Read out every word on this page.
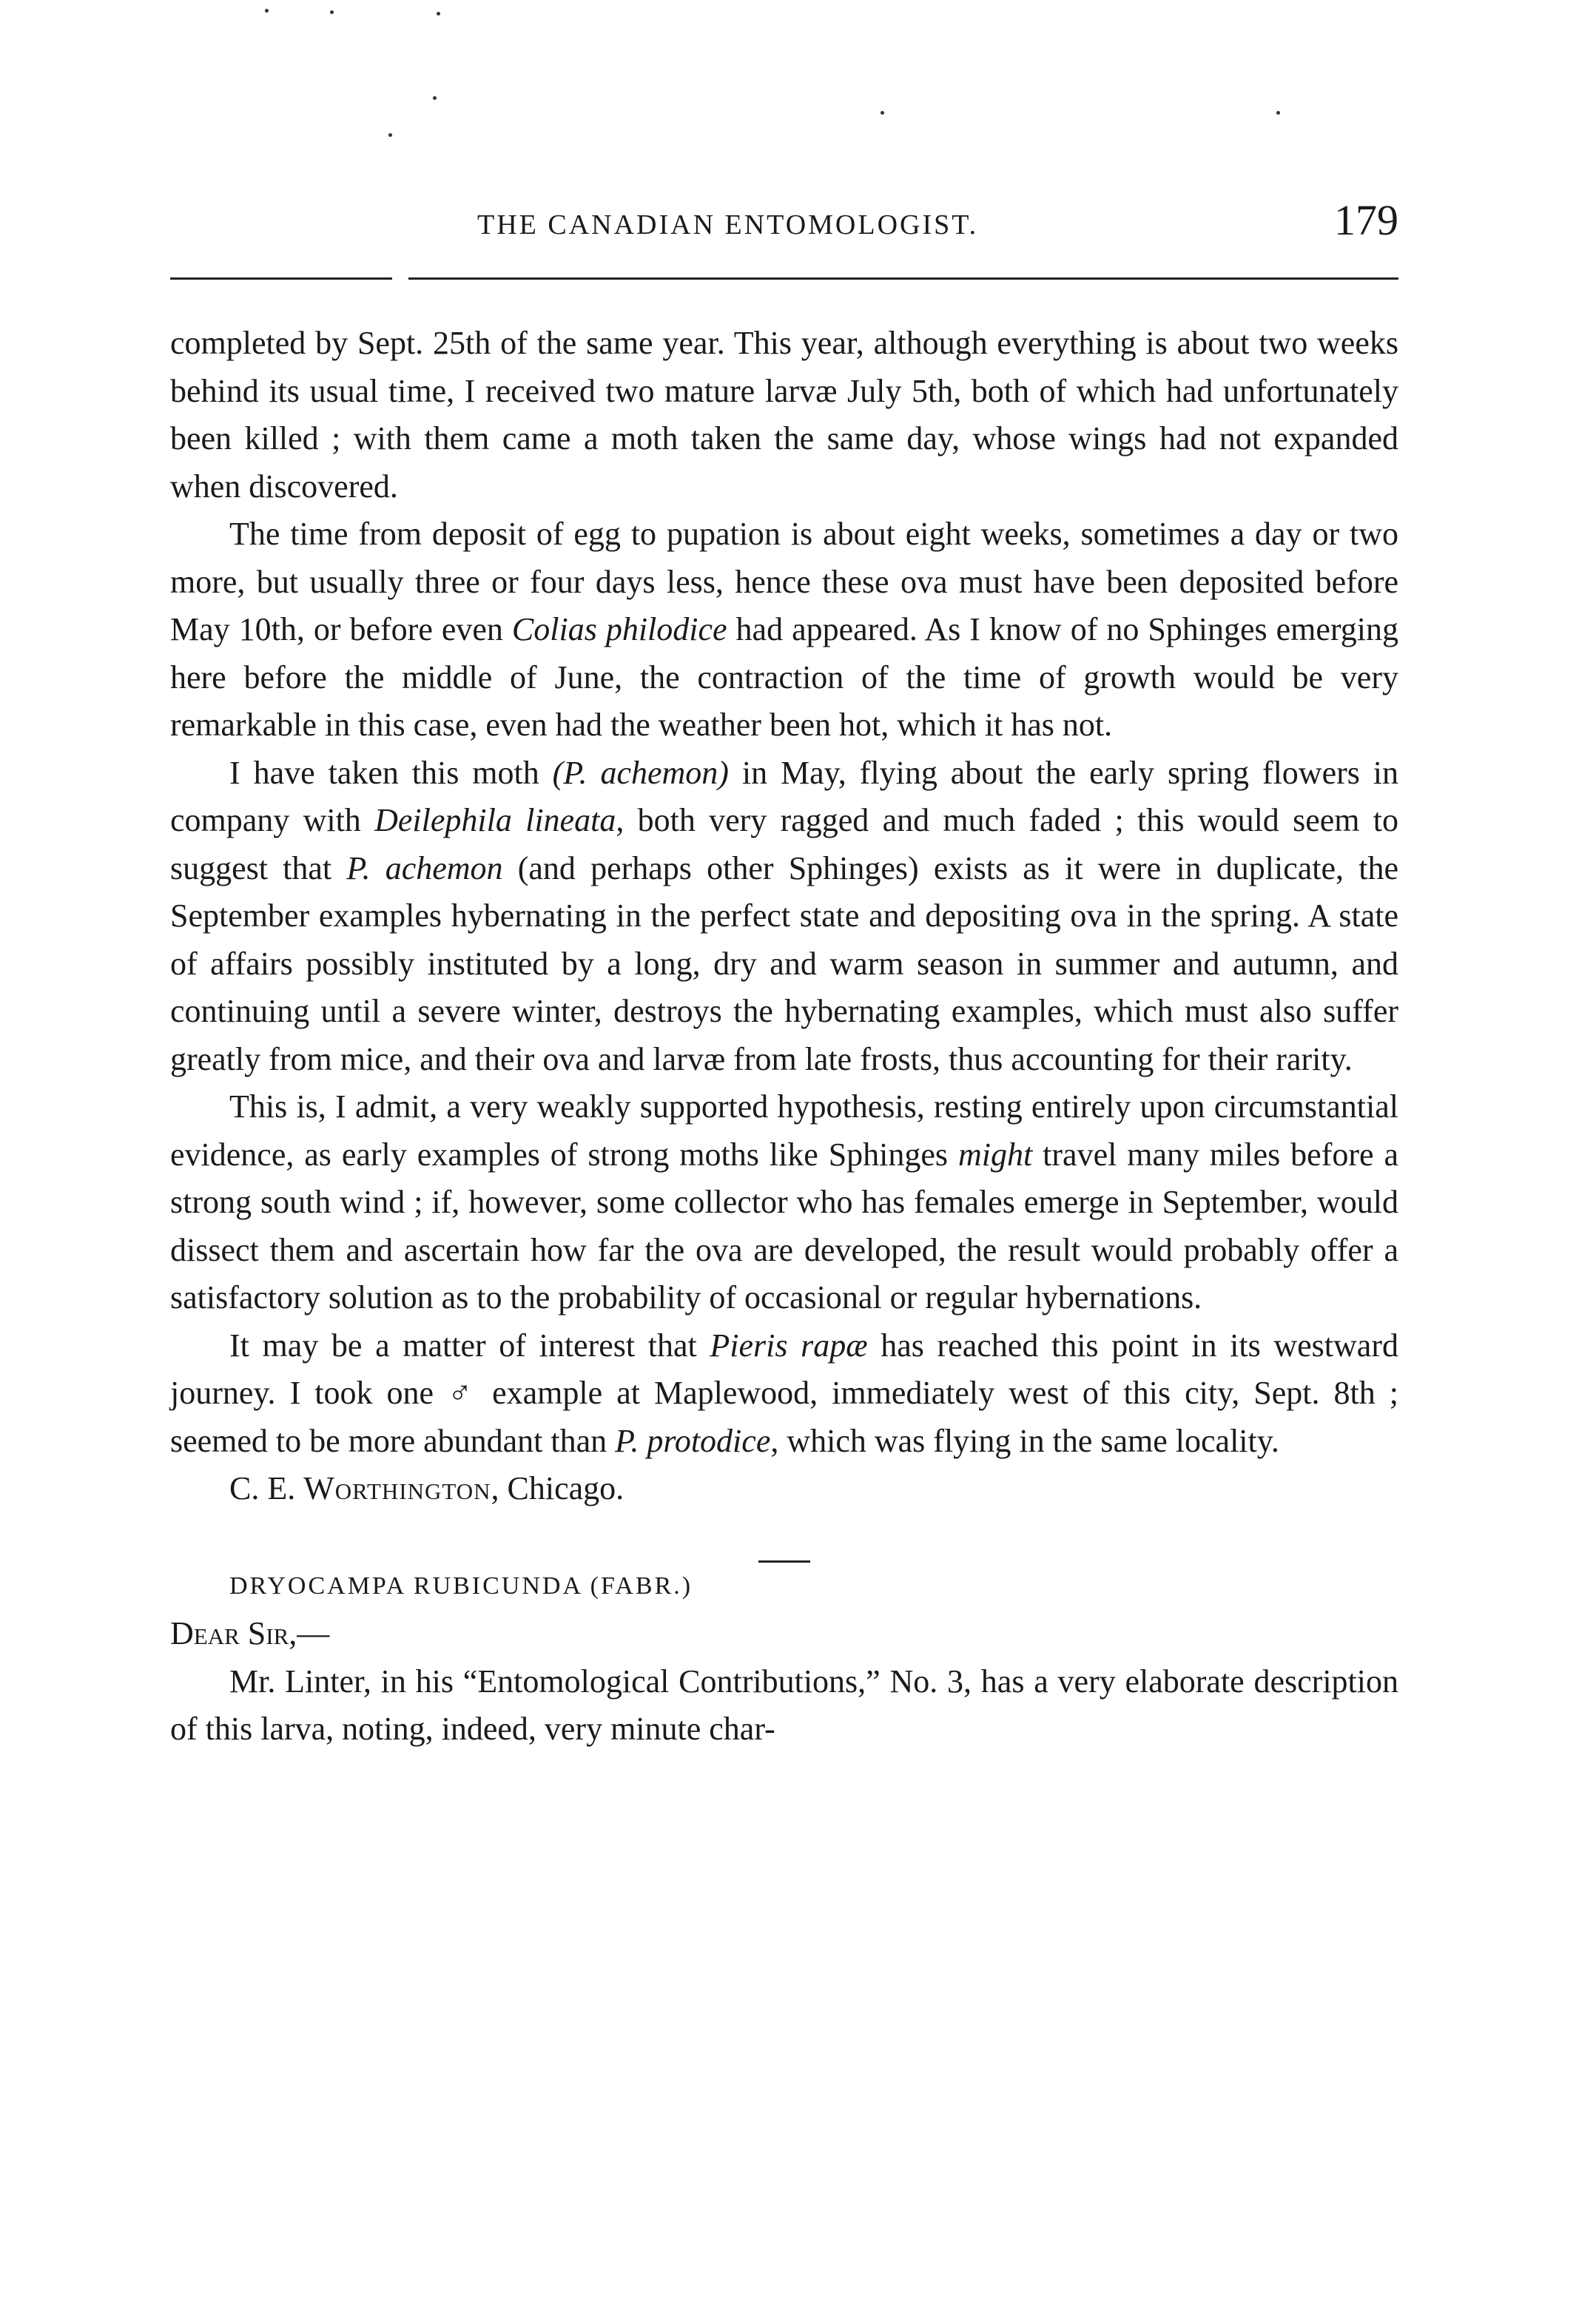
THE CANADIAN ENTOMOLOGIST.	179

completed by Sept. 25th of the same year. This year, although everything is about two weeks behind its usual time, I received two mature larvæ July 5th, both of which had unfortunately been killed ; with them came a moth taken the same day, whose wings had not expanded when discovered.

The time from deposit of egg to pupation is about eight weeks, sometimes a day or two more, but usually three or four days less, hence these ova must have been deposited before May 10th, or before even Colias philodice had appeared. As I know of no Sphinges emerging here before the middle of June, the contraction of the time of growth would be very remarkable in this case, even had the weather been hot, which it has not.

I have taken this moth (P. achemon) in May, flying about the early spring flowers in company with Deilephila lineata, both very ragged and much faded ; this would seem to suggest that P. achemon (and perhaps other Sphinges) exists as it were in duplicate, the September examples hybernating in the perfect state and depositing ova in the spring. A state of affairs possibly instituted by a long, dry and warm season in summer and autumn, and continuing until a severe winter, destroys the hybernating examples, which must also suffer greatly from mice, and their ova and larvæ from late frosts, thus accounting for their rarity.

This is, I admit, a very weakly supported hypothesis, resting entirely upon circumstantial evidence, as early examples of strong moths like Sphinges might travel many miles before a strong south wind ; if, however, some collector who has females emerge in September, would dissect them and ascertain how far the ova are developed, the result would probably offer a satisfactory solution as to the probability of occasional or regular hybernations.

It may be a matter of interest that Pieris rapæ has reached this point in its westward journey. I took one ♂ example at Maplewood, immediately west of this city, Sept. 8th ; seemed to be more abundant than P. protodice, which was flying in the same locality.

C. E. Worthington, Chicago.

DRYOCAMPA RUBICUNDA (FABR.)

Dear Sir,—

Mr. Linter, in his “Entomological Contributions,” No. 3, has a very elaborate description of this larva, noting, indeed, very minute char-
